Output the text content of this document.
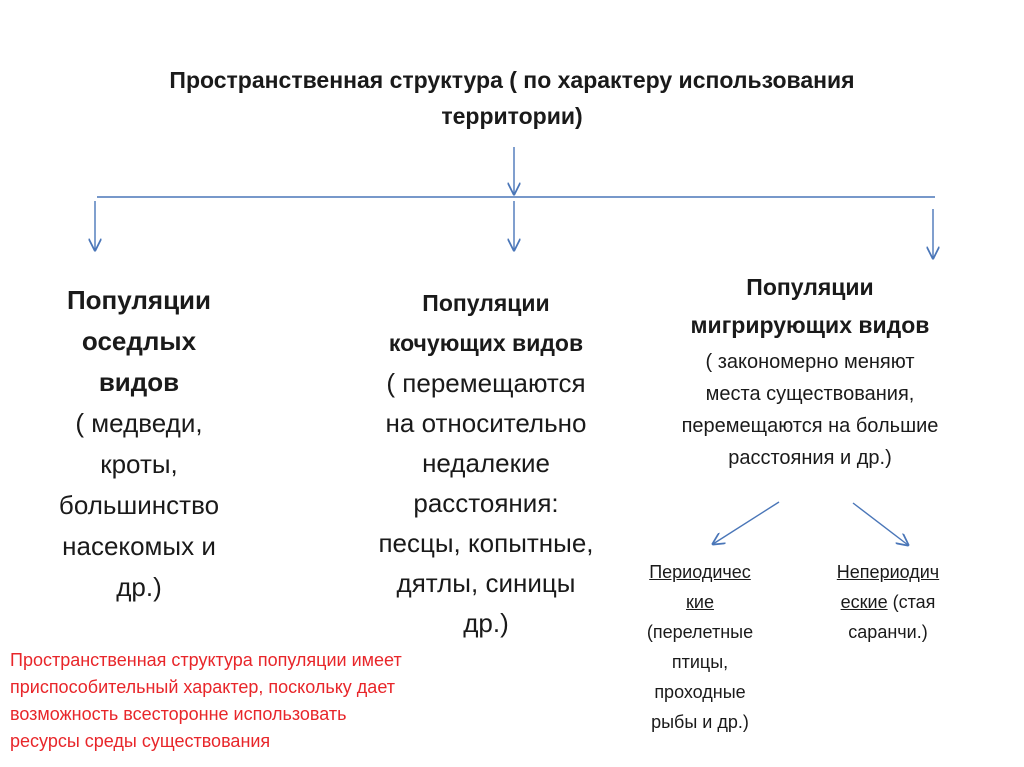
Пространственная структура ( по характеру использования
территории)
Популяции
оседлых
видов
( медведи,
кроты,
большинство
насекомых и
др.)
Популяции
кочующих видов
( перемещаются
на относительно
недалекие
расстояния:
песцы, копытные,
дятлы, синицы
др.)
Популяции
мигрирующих видов
( закономерно меняют
места существования,
перемещаются на большие
расстояния и др.)
Периодичес
кие
(перелетные
птицы,
проходные
рыбы и др.)
Непериодич
еские (стая
саранчи.)
Пространственная структура популяции имеет
приспособительный характер, поскольку дает
возможность всесторонне использовать
ресурсы среды существования
